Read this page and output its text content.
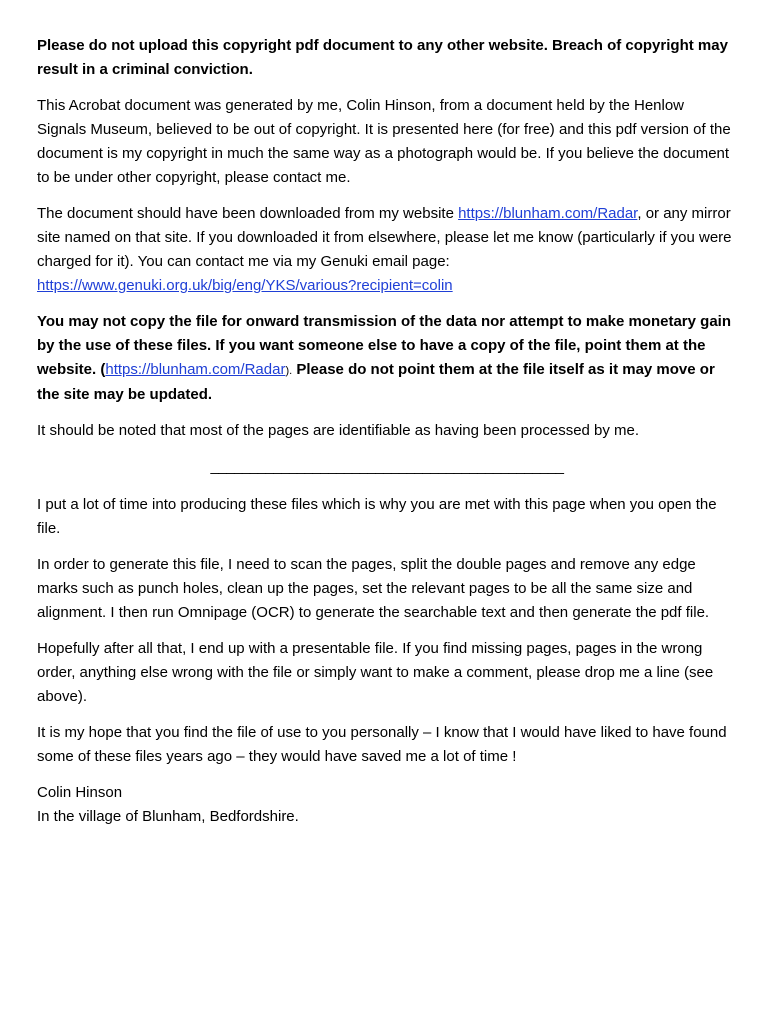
Please do not upload this copyright pdf document to any other website. Breach of copyright may result in a criminal conviction.

This Acrobat document was generated by me, Colin Hinson, from a document held by the Henlow Signals Museum, believed to be out of copyright. It is presented here (for free) and this pdf version of the document is my copyright in much the same way as a photograph would be. If you believe the document to be under other copyright, please contact me.

The document should have been downloaded from my website https://blunham.com/Radar, or any mirror site named on that site. If you downloaded it from elsewhere, please let me know (particularly if you were charged for it). You can contact me via my Genuki email page: https://www.genuki.org.uk/big/eng/YKS/various?recipient=colin

You may not copy the file for onward transmission of the data nor attempt to make monetary gain by the use of these files. If you want someone else to have a copy of the file, point them at the website. (https://blunham.com/Radar). Please do not point them at the file itself as it may move or the site may be updated.

It should be noted that most of the pages are identifiable as having been processed by me.

_____________________________________________

I put a lot of time into producing these files which is why you are met with this page when you open the file.

In order to generate this file, I need to scan the pages, split the double pages and remove any edge marks such as punch holes, clean up the pages, set the relevant pages to be all the same size and alignment. I then run Omnipage (OCR) to generate the searchable text and then generate the pdf file.

Hopefully after all that, I end up with a presentable file. If you find missing pages, pages in the wrong order, anything else wrong with the file or simply want to make a comment, please drop me a line (see above).

It is my hope that you find the file of use to you personally – I know that I would have liked to have found some of these files years ago – they would have saved me a lot of time !

Colin Hinson
In the village of Blunham, Bedfordshire.
